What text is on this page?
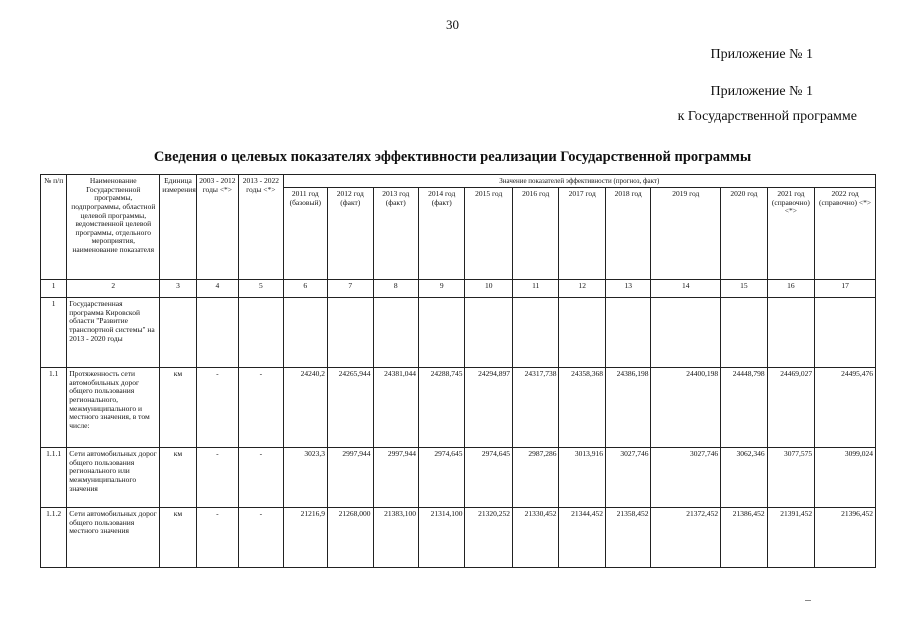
30
Приложение № 1
Приложение № 1
к Государственной программе
Сведения о целевых показателях эффективности реализации Государственной программы
№ п/п	Наименование Государственной программы, подпрограммы, областной целевой программы, ведомственной целевой программы, отдельного мероприятия, наименование показателя	Единица измерения	2003 - 2012 годы <*>	2013 - 2022 годы <*>	Значение показателей эффективности (прогноз, факт)											
					2011 год (базовый)	2012 год (факт)	2013 год (факт)	2014 год (факт)	2015 год	2016 год	2017 год	2018 год	2019 год	2020 год	2021 год (справочно) <*>	2022 год (справочно) <*>
1	2	3	4	5	6	7	8	9	10	11	12	13	14	15	16	17
1	Государственная программа Кировской области "Развитие транспортной системы" на 2013 - 2020 годы															
1.1	Протяженность сети автомобильных дорог общего пользования регионального, межмуниципального и местного значения, в том числе:	км	-	-	24240,2	24265,944	24381,044	24288,745	24294,897	24317,738	24358,368	24386,198	24400,198	24448,798	24469,027	24495,476
1.1.1	Сети автомобильных дорог общего пользования регионального или межмуниципального значения	км	-	-	3023,3	2997,944	2997,944	2974,645	2974,645	2987,286	3013,916	3027,746	3027,746	3062,346	3077,575	3099,024
1.1.2	Сети автомобильных дорог общего пользования местного значения	км	-	-	21216,9	21268,000	21383,100	21314,100	21320,252	21330,452	21344,452	21358,452	21372,452	21386,452	21391,452	21396,452
